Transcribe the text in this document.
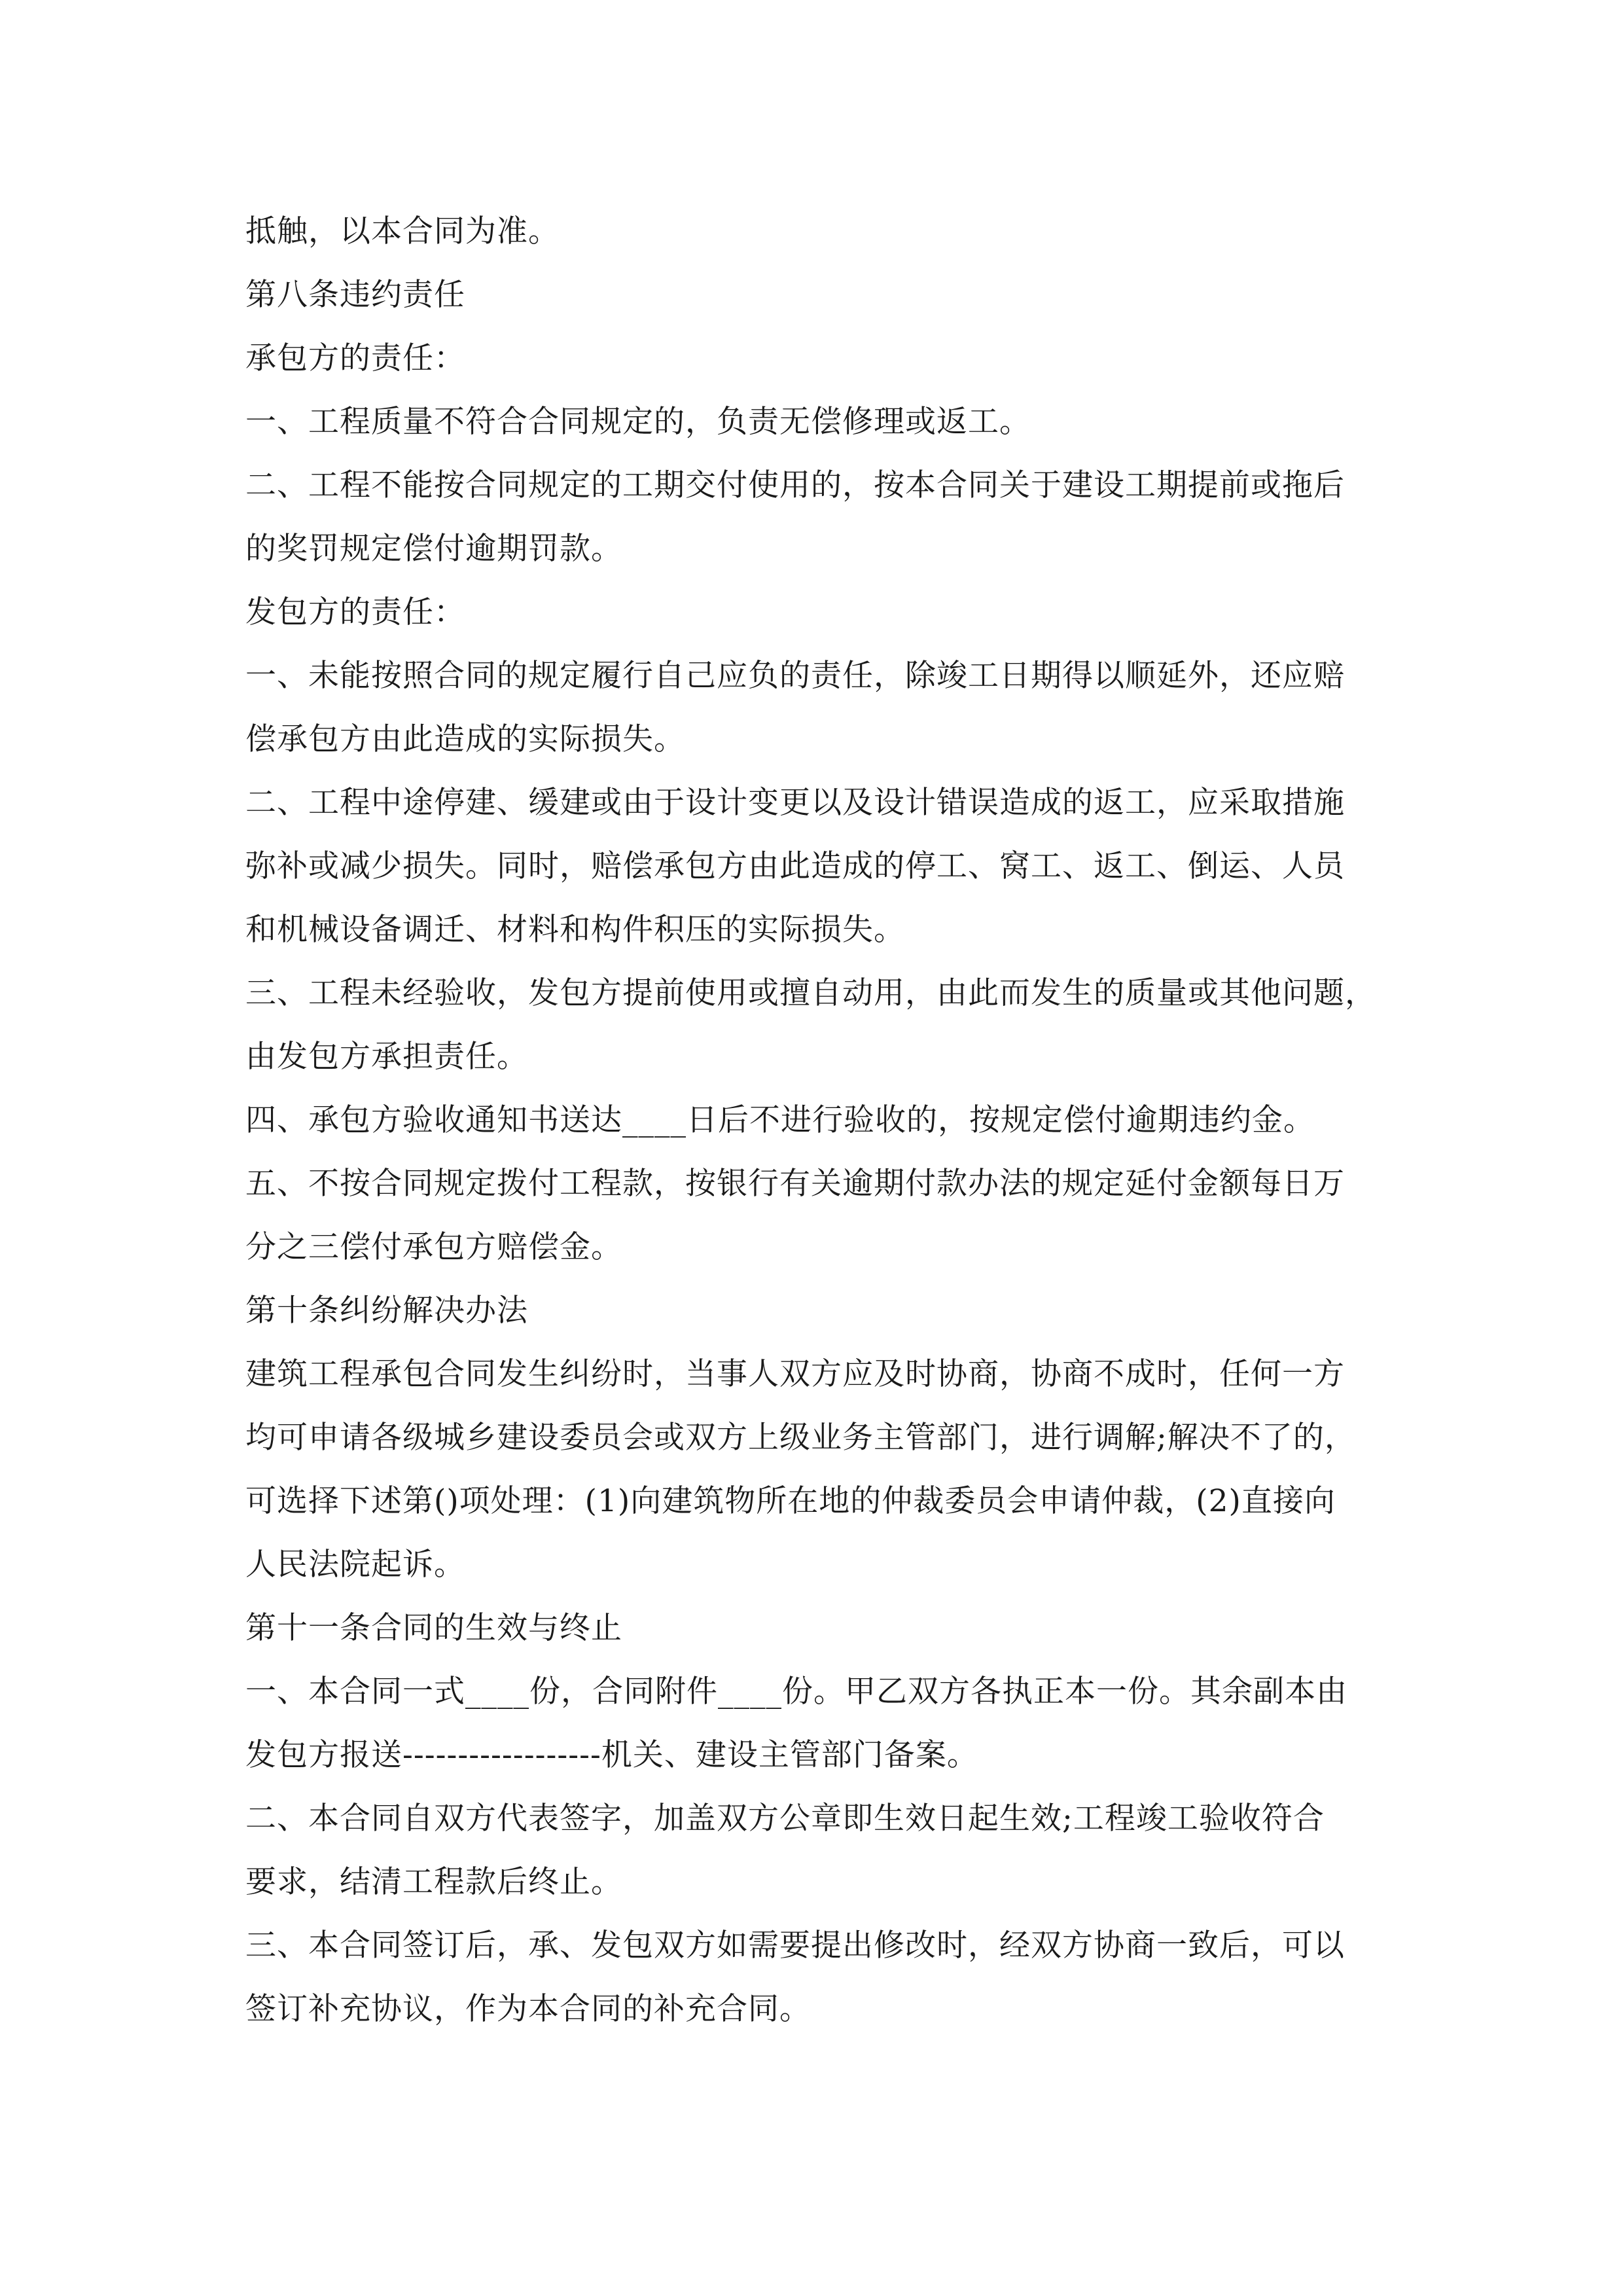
抵触，以本合同为准。
第八条违约责任
承包方的责任：
一、工程质量不符合合同规定的，负责无偿修理或返工。
二、工程不能按合同规定的工期交付使用的，按本合同关于建设工期提前或拖后
的奖罚规定偿付逾期罚款。
发包方的责任：
一、未能按照合同的规定履行自己应负的责任，除竣工日期得以顺延外，还应赔
偿承包方由此造成的实际损失。
二、工程中途停建、缓建或由于设计变更以及设计错误造成的返工，应采取措施
弥补或减少损失。同时，赔偿承包方由此造成的停工、窝工、返工、倒运、人员
和机械设备调迁、材料和构件积压的实际损失。
三、工程未经验收，发包方提前使用或擅自动用，由此而发生的质量或其他问题，
由发包方承担责任。
四、承包方验收通知书送达____日后不进行验收的，按规定偿付逾期违约金。
五、不按合同规定拨付工程款，按银行有关逾期付款办法的规定延付金额每日万
分之三偿付承包方赔偿金。
第十条纠纷解决办法
建筑工程承包合同发生纠纷时，当事人双方应及时协商，协商不成时，任何一方
均可申请各级城乡建设委员会或双方上级业务主管部门，进行调解;解决不了的，
可选择下述第()项处理：(1)向建筑物所在地的仲裁委员会申请仲裁，(2)直接向
人民法院起诉。
第十一条合同的生效与终止
一、本合同一式____份，合同附件____份。甲乙双方各执正本一份。其余副本由
发包方报送------------------机关、建设主管部门备案。
二、本合同自双方代表签字，加盖双方公章即生效日起生效;工程竣工验收符合
要求，结清工程款后终止。
三、本合同签订后，承、发包双方如需要提出修改时，经双方协商一致后，可以
签订补充协议，作为本合同的补充合同。
